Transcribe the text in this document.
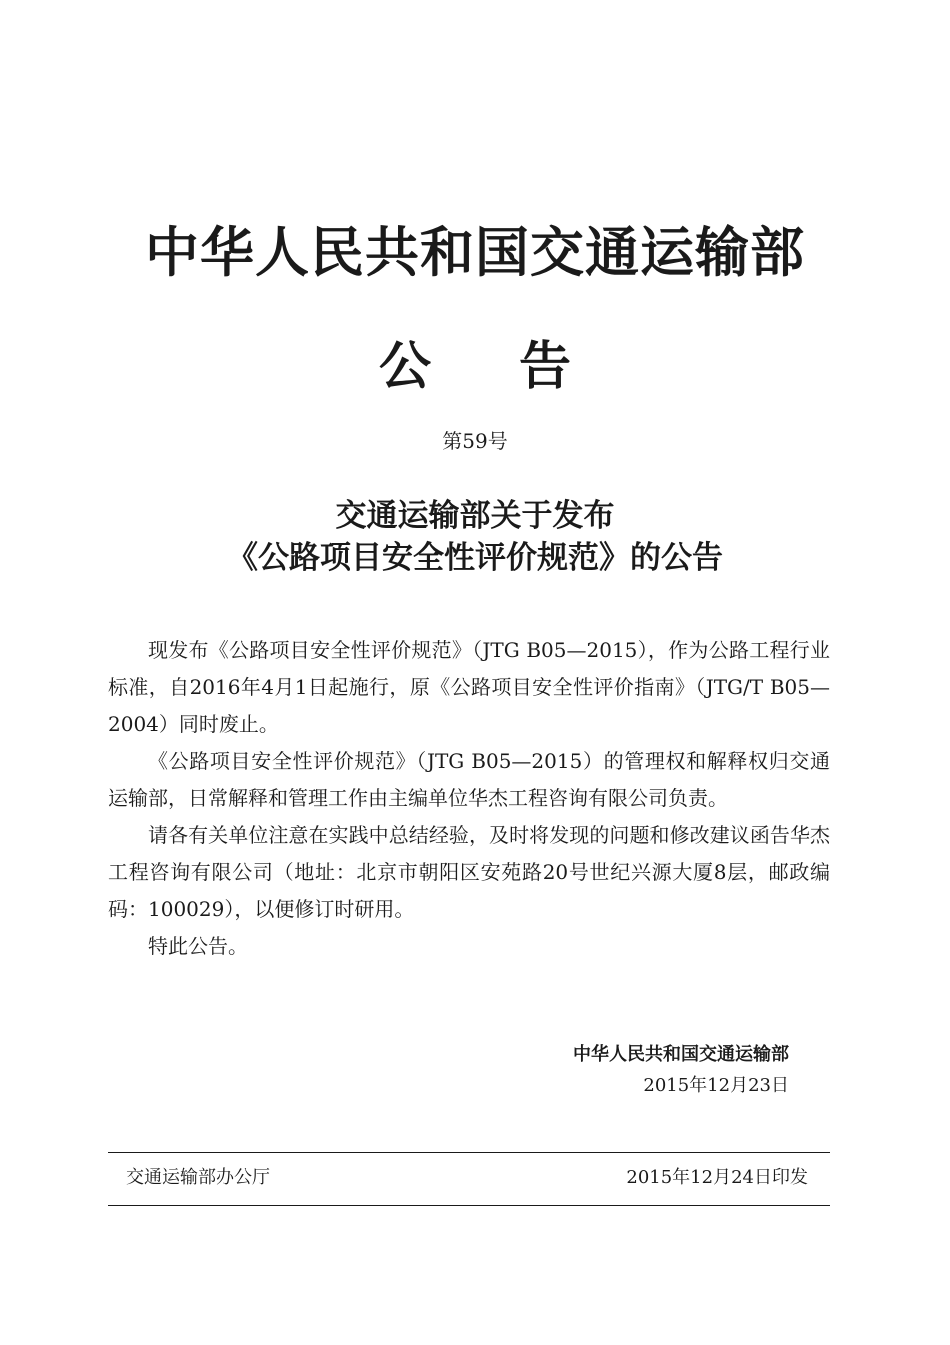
中华人民共和国交通运输部
公告
第59号
交通运输部关于发布
《公路项目安全性评价规范》的公告

现发布《公路项目安全性评价规范》（JTG B05—2015），作为公路工程行业标准，自2016年4月1日起施行，原《公路项目安全性评价指南》（JTG/T B05—2004）同时废止。

《公路项目安全性评价规范》（JTG B05—2015）的管理权和解释权归交通运输部，日常解释和管理工作由主编单位华杰工程咨询有限公司负责。

请各有关单位注意在实践中总结经验，及时将发现的问题和修改建议函告华杰工程咨询有限公司（地址：北京市朝阳区安苑路20号世纪兴源大厦8层，邮政编码：100029），以便修订时研用。

特此公告。

中华人民共和国交通运输部
2015年12月23日
交通运输部办公厅	2015年12月24日印发
